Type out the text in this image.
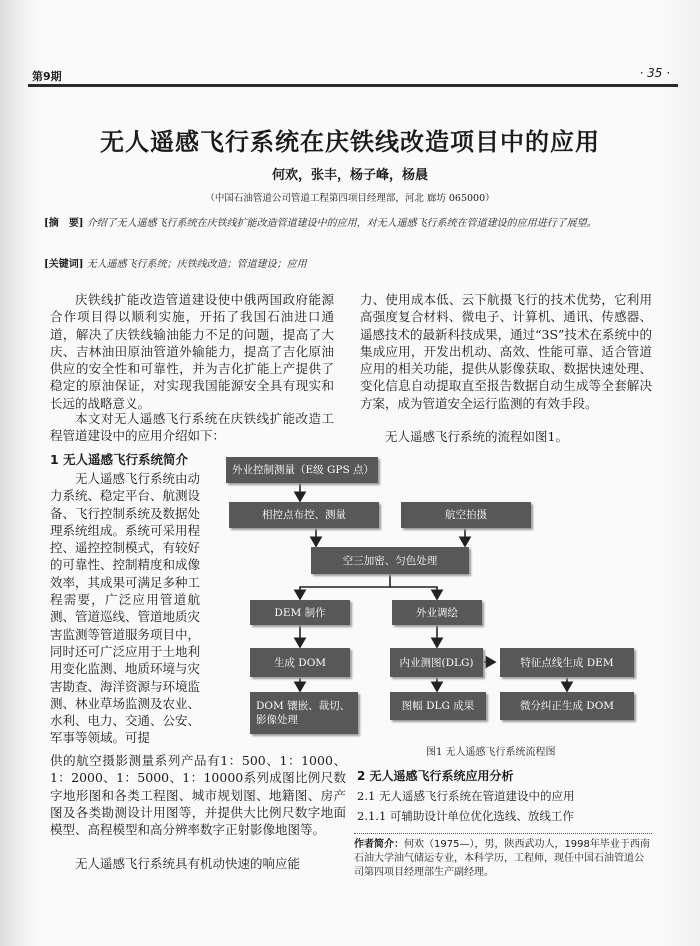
第9期	· 35 ·
无人遥感飞行系统在庆铁线改造项目中的应用
何欢，张丰，杨子峰，杨晨
（中国石油管道公司管道工程第四项目经理部，河北 廊坊 065000）
[摘　要] 介绍了无人遥感飞行系统在庆铁线扩能改造管道建设中的应用，对无人遥感飞行系统在管道建设的应用进行了展望。
[关键词] 无人遥感飞行系统；庆铁线改造；管道建设；应用
庆铁线扩能改造管道建设使中俄两国政府能源合作项目得以顺利实施，开拓了我国石油进口通道，解决了庆铁线输油能力不足的问题，提高了大庆、吉林油田原油管道外输能力，提高了吉化原油供应的安全性和可靠性，并为吉化扩能上产提供了稳定的原油保证，对实现我国能源安全具有现实和长远的战略意义。
本文对无人遥感飞行系统在庆铁线扩能改造工程管道建设中的应用介绍如下：
1 无人遥感飞行系统简介
无人遥感飞行系统由动力系统、稳定平台、航测设备、飞行控制系统及数据处理系统组成。系统可采用程控、遥控控制模式，有较好的可靠性、控制精度和成像效率，其成果可满足多种工程需要，广泛应用管道航测、管道巡线、管道地质灾害监测等管道服务项目中，同时还可广泛应用于土地利用变化监测、地质环境与灾害勘查、海洋资源与环境监测、林业草场监测及农业、水利、电力、交通、公安、军事等领域。可提
供的航空摄影测量系列产品有1：500、1：1000、1：2000、1：5000、1：10000系列成图比例尺数字地形图和各类工程图、城市规划图、地籍图、房产图及各类勘测设计用图等，并提供大比例尺数字地面模型、高程模型和高分辨率数字正射影像地图等。
无人遥感飞行系统具有机动快速的响应能
力、使用成本低、云下航摄飞行的技术优势，它利用高强度复合材料、微电子、计算机、通讯、传感器、遥感技术的最新科技成果，通过“3S”技术在系统中的集成应用，开发出机动、高效、性能可靠、适合管道应用的相关功能，提供从影像获取、数据快速处理、变化信息自动提取直至报告数据自动生成等全套解决方案，成为管道安全运行监测的有效手段。
无人遥感飞行系统的流程如图1。
外业控制测量（E级 GPS 点）
相控点布控、测量	航空拍摄
空三加密、匀色处理
DEM 制作	外业调绘
生成 DOM	内业测图(DLG)	特征点线生成 DEM
DOM 镶嵌、裁切、影像处理
图幅 DLG 成果	微分纠正生成 DOM
图1 无人遥感飞行系统流程图
2 无人遥感飞行系统应用分析
2.1 无人遥感飞行系统在管道建设中的应用
2.1.1 可辅助设计单位优化选线、放线工作
作者简介：何欢（1975—），男，陕西武功人，1998年毕业于西南石油大学油气储运专业，本科学历，工程师，现任中国石油管道公司第四项目经理部生产副经理。
